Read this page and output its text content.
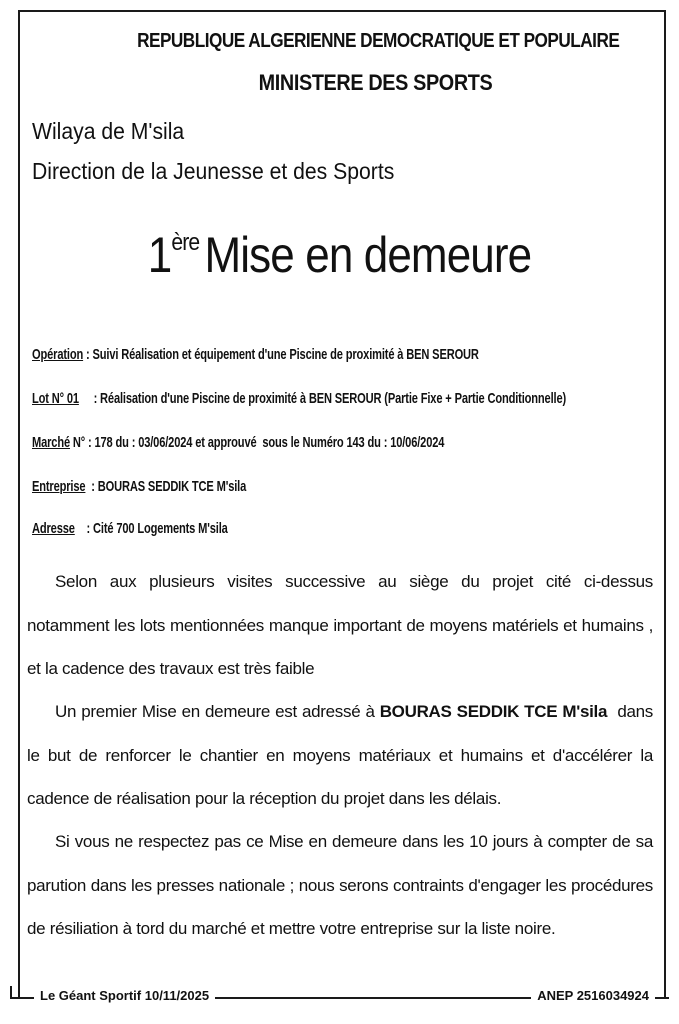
REPUBLIQUE ALGERIENNE DEMOCRATIQUE ET POPULAIRE
MINISTERE DES SPORTS
Wilaya de M'sila
Direction de la Jeunesse et des Sports
1ère Mise en demeure
Opération : Suivi Réalisation et équipement d'une Piscine de proximité à BEN SEROUR
Lot N° 01     : Réalisation d'une Piscine de proximité à BEN SEROUR (Partie Fixe + Partie Conditionnelle)
Marché N° : 178 du : 03/06/2024 et approuvé  sous le Numéro 143 du : 10/06/2024
Entreprise  : BOURAS SEDDIK TCE M'sila
Adresse    : Cité 700 Logements M'sila
Selon aux plusieurs visites successive au siège du projet cité ci-dessus notamment les lots mentionnées manque important de moyens matériels et humains , et la cadence des travaux est très faible
Un premier Mise en demeure est adressé à BOURAS SEDDIK TCE M'sila  dans le but de renforcer le chantier en moyens matériaux et humains et d'accélérer la cadence de réalisation pour la réception du projet dans les délais.
Si vous ne respectez pas ce Mise en demeure dans les 10 jours à compter de sa parution dans les presses nationale ; nous serons contraints d'engager les procédures de résiliation à tord du marché et mettre votre entreprise sur la liste noire.
Le Géant Sportif 10/11/2025	ANEP 2516034924
